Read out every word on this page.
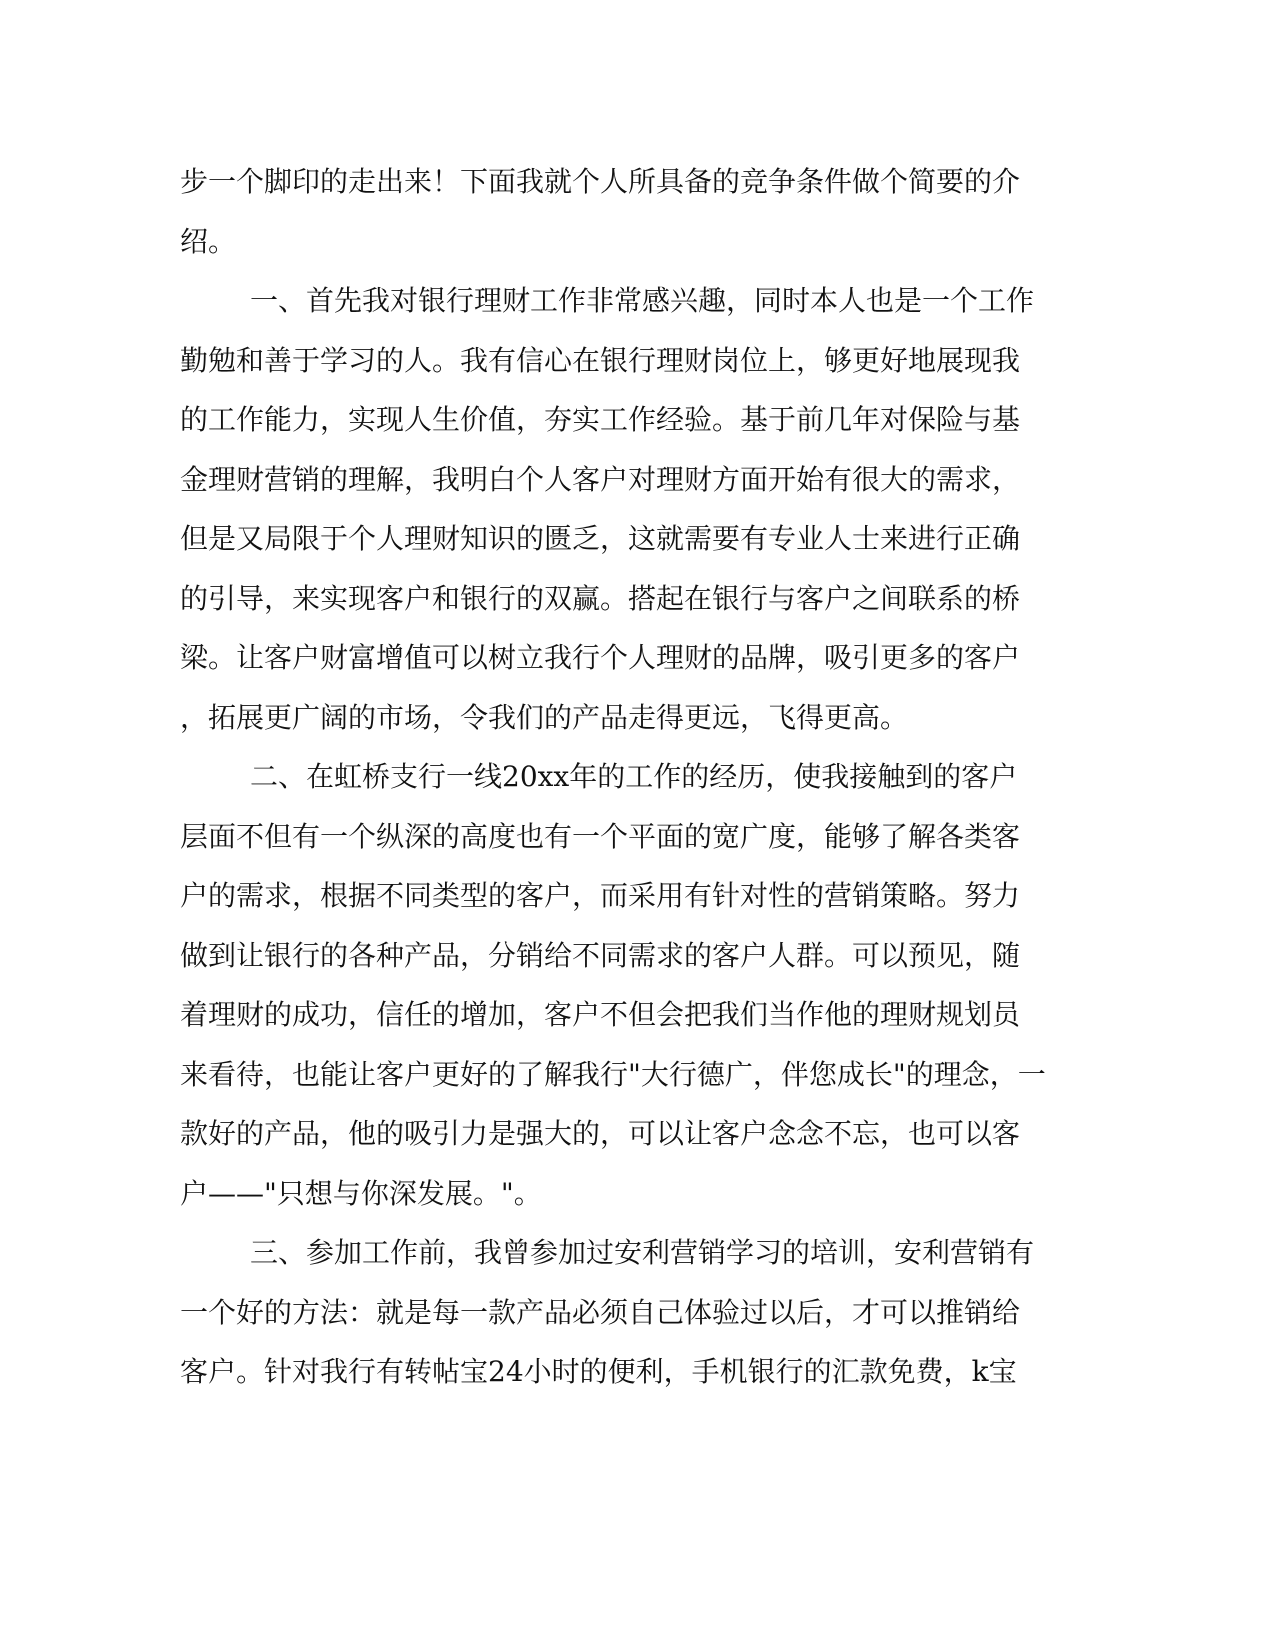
步一个脚印的走出来！下面我就个人所具备的竞争条件做个简要的介
绍。
一、首先我对银行理财工作非常感兴趣，同时本人也是一个工作
勤勉和善于学习的人。我有信心在银行理财岗位上，够更好地展现我
的工作能力，实现人生价值，夯实工作经验。基于前几年对保险与基
金理财营销的理解，我明白个人客户对理财方面开始有很大的需求，
但是又局限于个人理财知识的匮乏，这就需要有专业人士来进行正确
的引导，来实现客户和银行的双赢。搭起在银行与客户之间联系的桥
梁。让客户财富增值可以树立我行个人理财的品牌，吸引更多的客户
，拓展更广阔的市场，令我们的产品走得更远，飞得更高。
二、在虹桥支行一线20xx年的工作的经历，使我接触到的客户
层面不但有一个纵深的高度也有一个平面的宽广度，能够了解各类客
户的需求，根据不同类型的客户，而采用有针对性的营销策略。努力
做到让银行的各种产品，分销给不同需求的客户人群。可以预见，随
着理财的成功，信任的增加，客户不但会把我们当作他的理财规划员
来看待，也能让客户更好的了解我行"大行德广，伴您成长"的理念，一
款好的产品，他的吸引力是强大的，可以让客户念念不忘，也可以客
户——"只想与你深发展。"。
三、参加工作前，我曾参加过安利营销学习的培训，安利营销有
一个好的方法：就是每一款产品必须自己体验过以后，才可以推销给
客户。针对我行有转帖宝24小时的便利，手机银行的汇款免费，k宝
